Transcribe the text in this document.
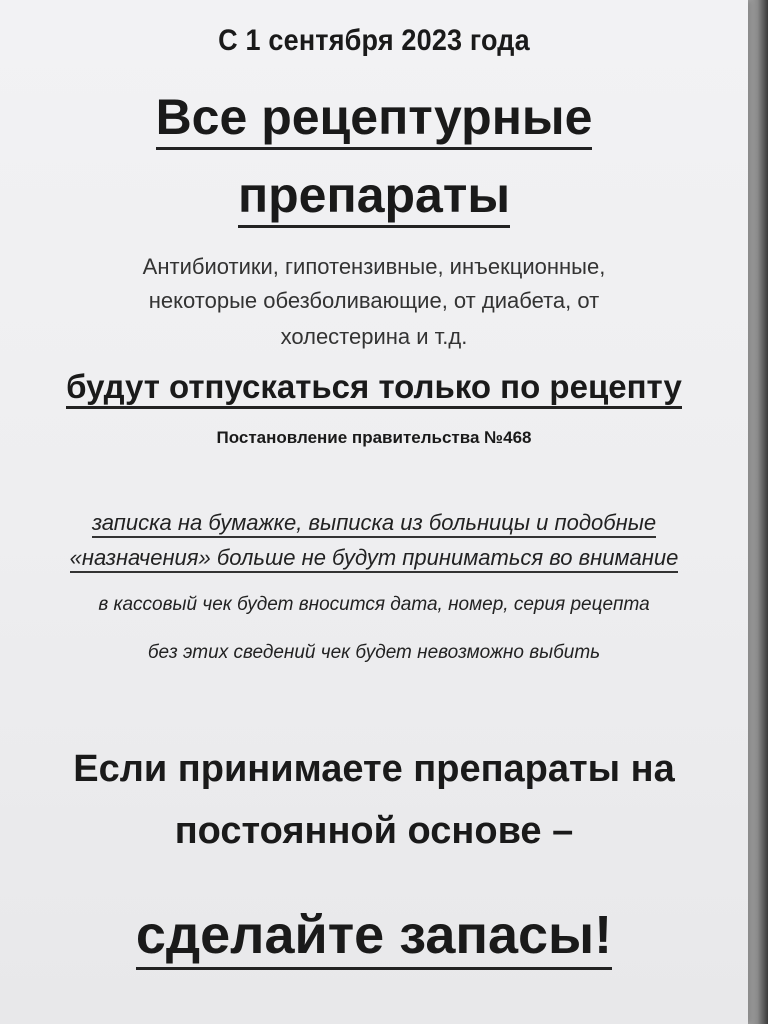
С 1 сентября 2023 года
Все рецептурные
препараты
Антибиотики, гипотензивные, инъекционные,
некоторые обезболивающие, от диабета, от
холестерина и т.д.
будут отпускаться только по рецепту
Постановление правительства №468
записка на бумажке, выписка из больницы и подобные
«назначения» больше не будут приниматься во внимание
в кассовый чек будет вносится дата, номер, серия рецепта
без этих сведений чек будет невозможно выбить
Если принимаете препараты на
постоянной основе –
сделайте запасы!
